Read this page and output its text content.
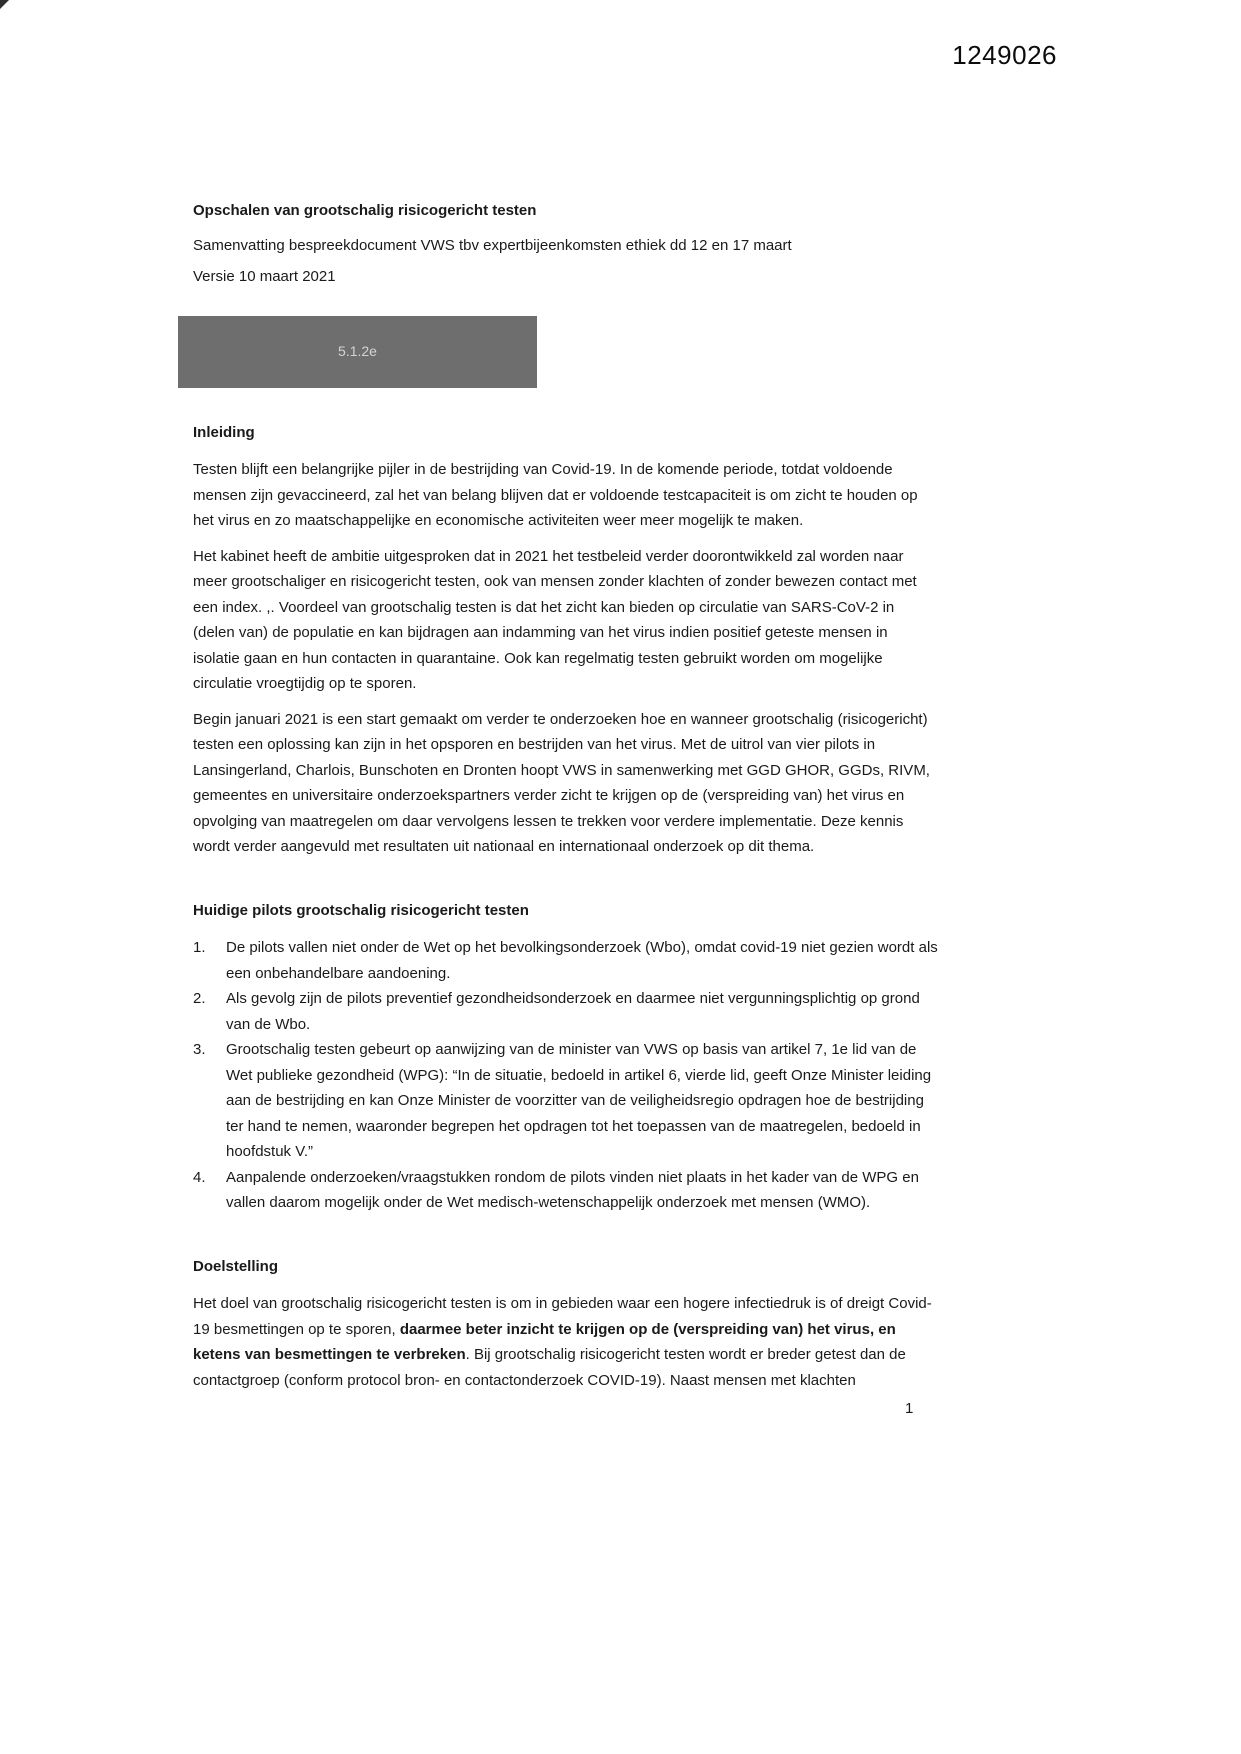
1249026

Opschalen van grootschalig risicogericht testen

Samenvatting bespreekdocument VWS tbv expertbijeenkomsten ethiek dd 12 en 17 maart

Versie 10 maart 2021

5.1.2e
Inleiding

Testen blijft een belangrijke pijler in de bestrijding van Covid-19. In de komende periode, totdat voldoende mensen zijn gevaccineerd, zal het van belang blijven dat er voldoende testcapaciteit is om zicht te houden op het virus en zo maatschappelijke en economische activiteiten weer meer mogelijk te maken.

Het kabinet heeft de ambitie uitgesproken dat in 2021 het testbeleid verder doorontwikkeld zal worden naar meer grootschaliger en risicogericht testen, ook van mensen zonder klachten of zonder bewezen contact met een index. ,. Voordeel van grootschalig testen is dat het zicht kan bieden op circulatie van SARS-CoV-2 in (delen van) de populatie en kan bijdragen aan indamming van het virus indien positief geteste mensen in isolatie gaan en hun contacten in quarantaine. Ook kan regelmatig testen gebruikt worden om mogelijke circulatie vroegtijdig op te sporen.

Begin januari 2021 is een start gemaakt om verder te onderzoeken hoe en wanneer grootschalig (risicogericht) testen een oplossing kan zijn in het opsporen en bestrijden van het virus. Met de uitrol van vier pilots in Lansingerland, Charlois, Bunschoten en Dronten hoopt VWS in samenwerking met GGD GHOR, GGDs, RIVM, gemeentes en universitaire onderzoekspartners verder zicht te krijgen op de (verspreiding van) het virus en opvolging van maatregelen om daar vervolgens lessen te trekken voor verdere implementatie. Deze kennis wordt verder aangevuld met resultaten uit nationaal en internationaal onderzoek op dit thema.

Huidige pilots grootschalig risicogericht testen
1.	De pilots vallen niet onder de Wet op het bevolkingsonderzoek (Wbo), omdat covid-19 niet gezien wordt als een onbehandelbare aandoening.
2.	Als gevolg zijn de pilots preventief gezondheidsonderzoek en daarmee niet vergunningsplichtig op grond van de Wbo.
3.	Grootschalig testen gebeurt op aanwijzing van de minister van VWS op basis van artikel 7, 1e lid van de Wet publieke gezondheid (WPG): “In de situatie, bedoeld in artikel 6, vierde lid, geeft Onze Minister leiding aan de bestrijding en kan Onze Minister de voorzitter van de veiligheidsregio opdragen hoe de bestrijding ter hand te nemen, waaronder begrepen het opdragen tot het toepassen van de maatregelen, bedoeld in hoofdstuk V.”
4.	Aanpalende onderzoeken/vraagstukken rondom de pilots vinden niet plaats in het kader van de WPG en vallen daarom mogelijk onder de Wet medisch-wetenschappelijk onderzoek met mensen (WMO).
Doelstelling

Het doel van grootschalig risicogericht testen is om in gebieden waar een hogere infectiedruk is of dreigt Covid-19 besmettingen op te sporen, daarmee beter inzicht te krijgen op de (verspreiding van) het virus, en ketens van besmettingen te verbreken. Bij grootschalig risicogericht testen wordt er breder getest dan de contactgroep (conform protocol bron- en contactonderzoek COVID-19). Naast mensen met klachten

1
